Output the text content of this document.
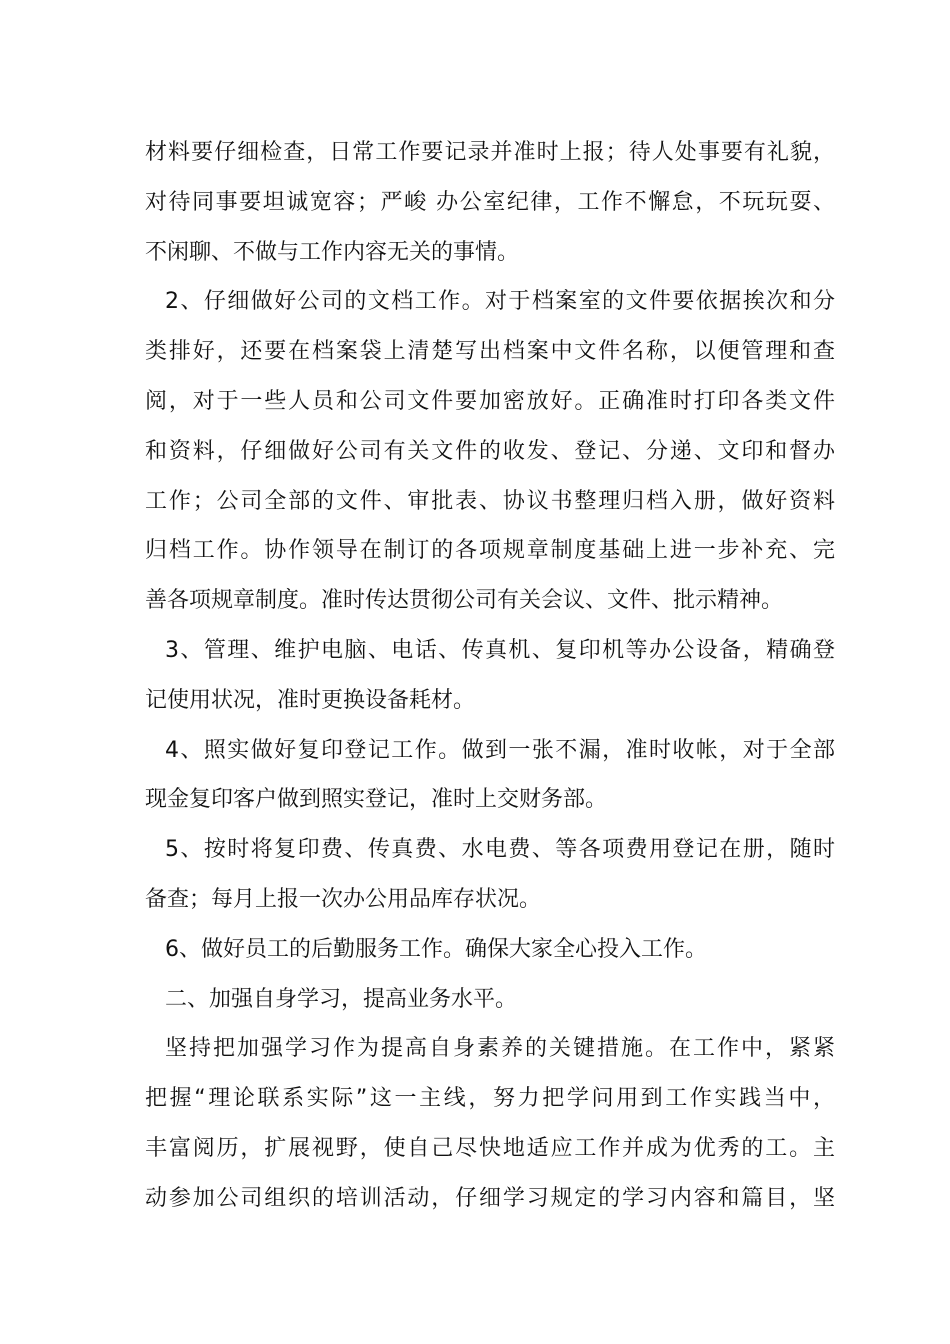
材料要仔细检查，日常工作要记录并准时上报；待人处事要有礼貌，
对待同事要坦诚宽容；严峻 办公室纪律，工作不懈怠，不玩玩耍、
不闲聊、不做与工作内容无关的事情。
2、仔细做好公司的文档工作。对于档案室的文件要依据挨次和分
类排好，还要在档案袋上清楚写出档案中文件名称，以便管理和查
阅，对于一些人员和公司文件要加密放好。正确准时打印各类文件
和资料，仔细做好公司有关文件的收发、登记、分递、文印和督办
工作；公司全部的文件、审批表、协议书整理归档入册，做好资料
归档工作。协作领导在制订的各项规章制度基础上进一步补充、完
善各项规章制度。准时传达贯彻公司有关会议、文件、批示精神。
3、管理、维护电脑、电话、传真机、复印机等办公设备，精确登
记使用状况，准时更换设备耗材。
4、照实做好复印登记工作。做到一张不漏，准时收帐，对于全部
现金复印客户做到照实登记，准时上交财务部。
5、按时将复印费、传真费、水电费、等各项费用登记在册，随时
备查；每月上报一次办公用品库存状况。
6、做好员工的后勤服务工作。确保大家全心投入工作。
二、加强自身学习，提高业务水平。
坚持把加强学习作为提高自身素养的关键措施。在工作中，紧紧
把握“理论联系实际”这一主线，努力把学问用到工作实践当中，
丰富阅历，扩展视野，使自己尽快地适应工作并成为优秀的工。主
动参加公司组织的培训活动，仔细学习规定的学习内容和篇目，坚
